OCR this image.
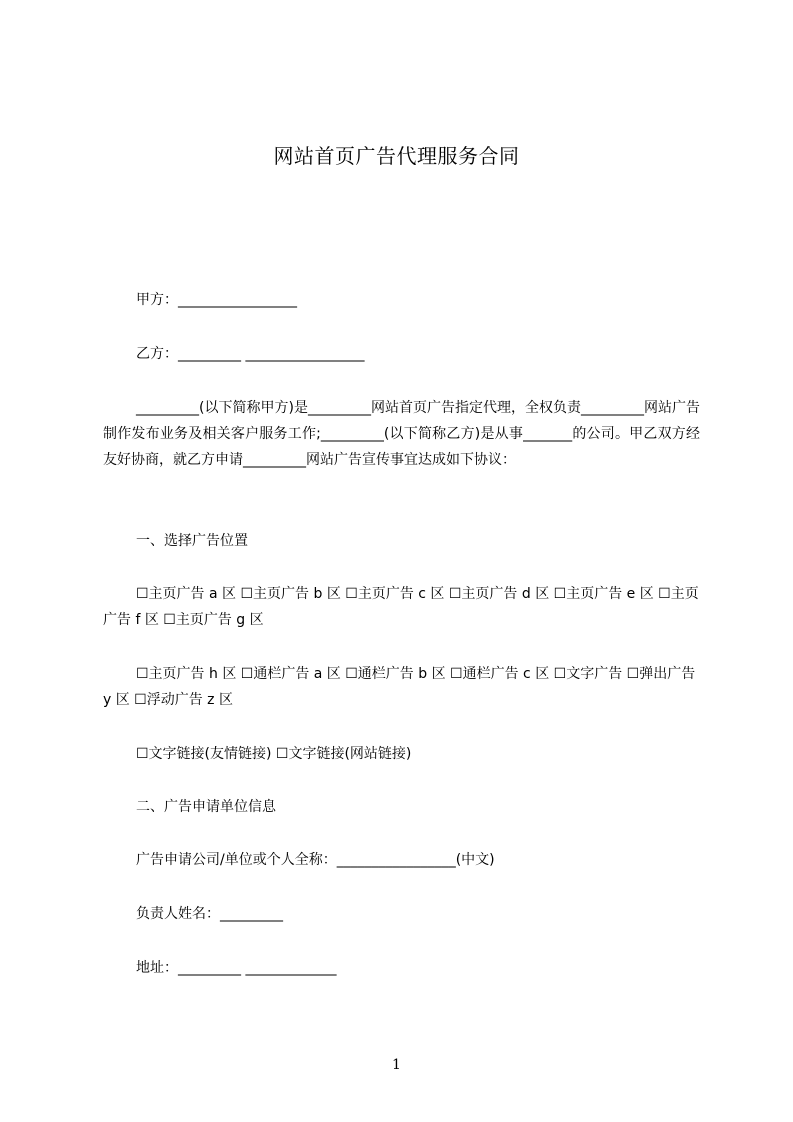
网站首页广告代理服务合同
甲方：_________________
乙方：_________ _________________
_________(以下简称甲方)是_________网站首页广告指定代理，全权负责_________网站广告制作发布业务及相关客户服务工作;_________(以下简称乙方)是从事_______的公司。甲乙双方经友好协商，就乙方申请_________网站广告宣传事宜达成如下协议：
一、选择广告位置
☐主页广告 a 区 ☐主页广告 b 区 ☐主页广告 c 区 ☐主页广告 d 区 ☐主页广告 e 区 ☐主页广告 f 区 ☐主页广告 g 区
☐主页广告 h 区 ☐通栏广告 a 区 ☐通栏广告 b 区 ☐通栏广告 c 区 ☐文字广告 ☐弹出广告 y 区 ☐浮动广告 z 区
☐文字链接(友情链接) ☐文字链接(网站链接)
二、广告申请单位信息
广告申请公司/单位或个人全称：_________________(中文)
负责人姓名：_________
地址：_________ _____________
1
